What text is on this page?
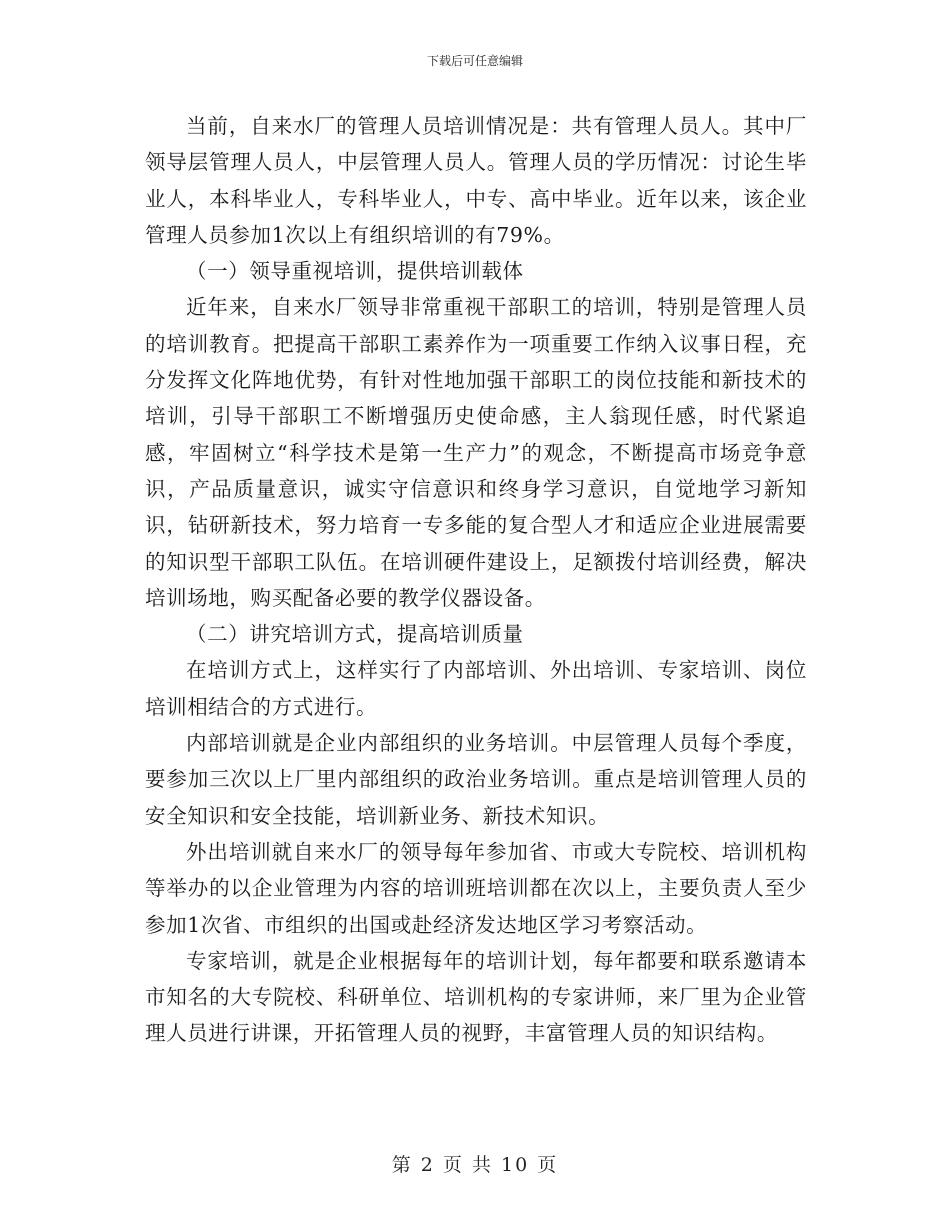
下载后可任意编辑

当前，自来水厂的管理人员培训情况是：共有管理人员人。其中厂领导层管理人员人，中层管理人员人。管理人员的学历情况：讨论生毕业人，本科毕业人，专科毕业人，中专、高中毕业。近年以来，该企业管理人员参加1次以上有组织培训的有79%。

（一）领导重视培训，提供培训载体

近年来，自来水厂领导非常重视干部职工的培训，特别是管理人员的培训教育。把提高干部职工素养作为一项重要工作纳入议事日程，充分发挥文化阵地优势，有针对性地加强干部职工的岗位技能和新技术的培训，引导干部职工不断增强历史使命感，主人翁现任感，时代紧追感，牢固树立“科学技术是第一生产力”的观念，不断提高市场竞争意识，产品质量意识，诚实守信意识和终身学习意识，自觉地学习新知识，钻研新技术，努力培育一专多能的复合型人才和适应企业进展需要的知识型干部职工队伍。在培训硬件建设上，足额拨付培训经费，解决培训场地，购买配备必要的教学仪器设备。

（二）讲究培训方式，提高培训质量

在培训方式上，这样实行了内部培训、外出培训、专家培训、岗位培训相结合的方式进行。

内部培训就是企业内部组织的业务培训。中层管理人员每个季度，要参加三次以上厂里内部组织的政治业务培训。重点是培训管理人员的安全知识和安全技能，培训新业务、新技术知识。

外出培训就自来水厂的领导每年参加省、市或大专院校、培训机构等举办的以企业管理为内容的培训班培训都在次以上，主要负责人至少参加1次省、市组织的出国或赴经济发达地区学习考察活动。

专家培训，就是企业根据每年的培训计划，每年都要和联系邀请本市知名的大专院校、科研单位、培训机构的专家讲师，来厂里为企业管理人员进行讲课，开拓管理人员的视野，丰富管理人员的知识结构。

第 2 页 共 10 页
